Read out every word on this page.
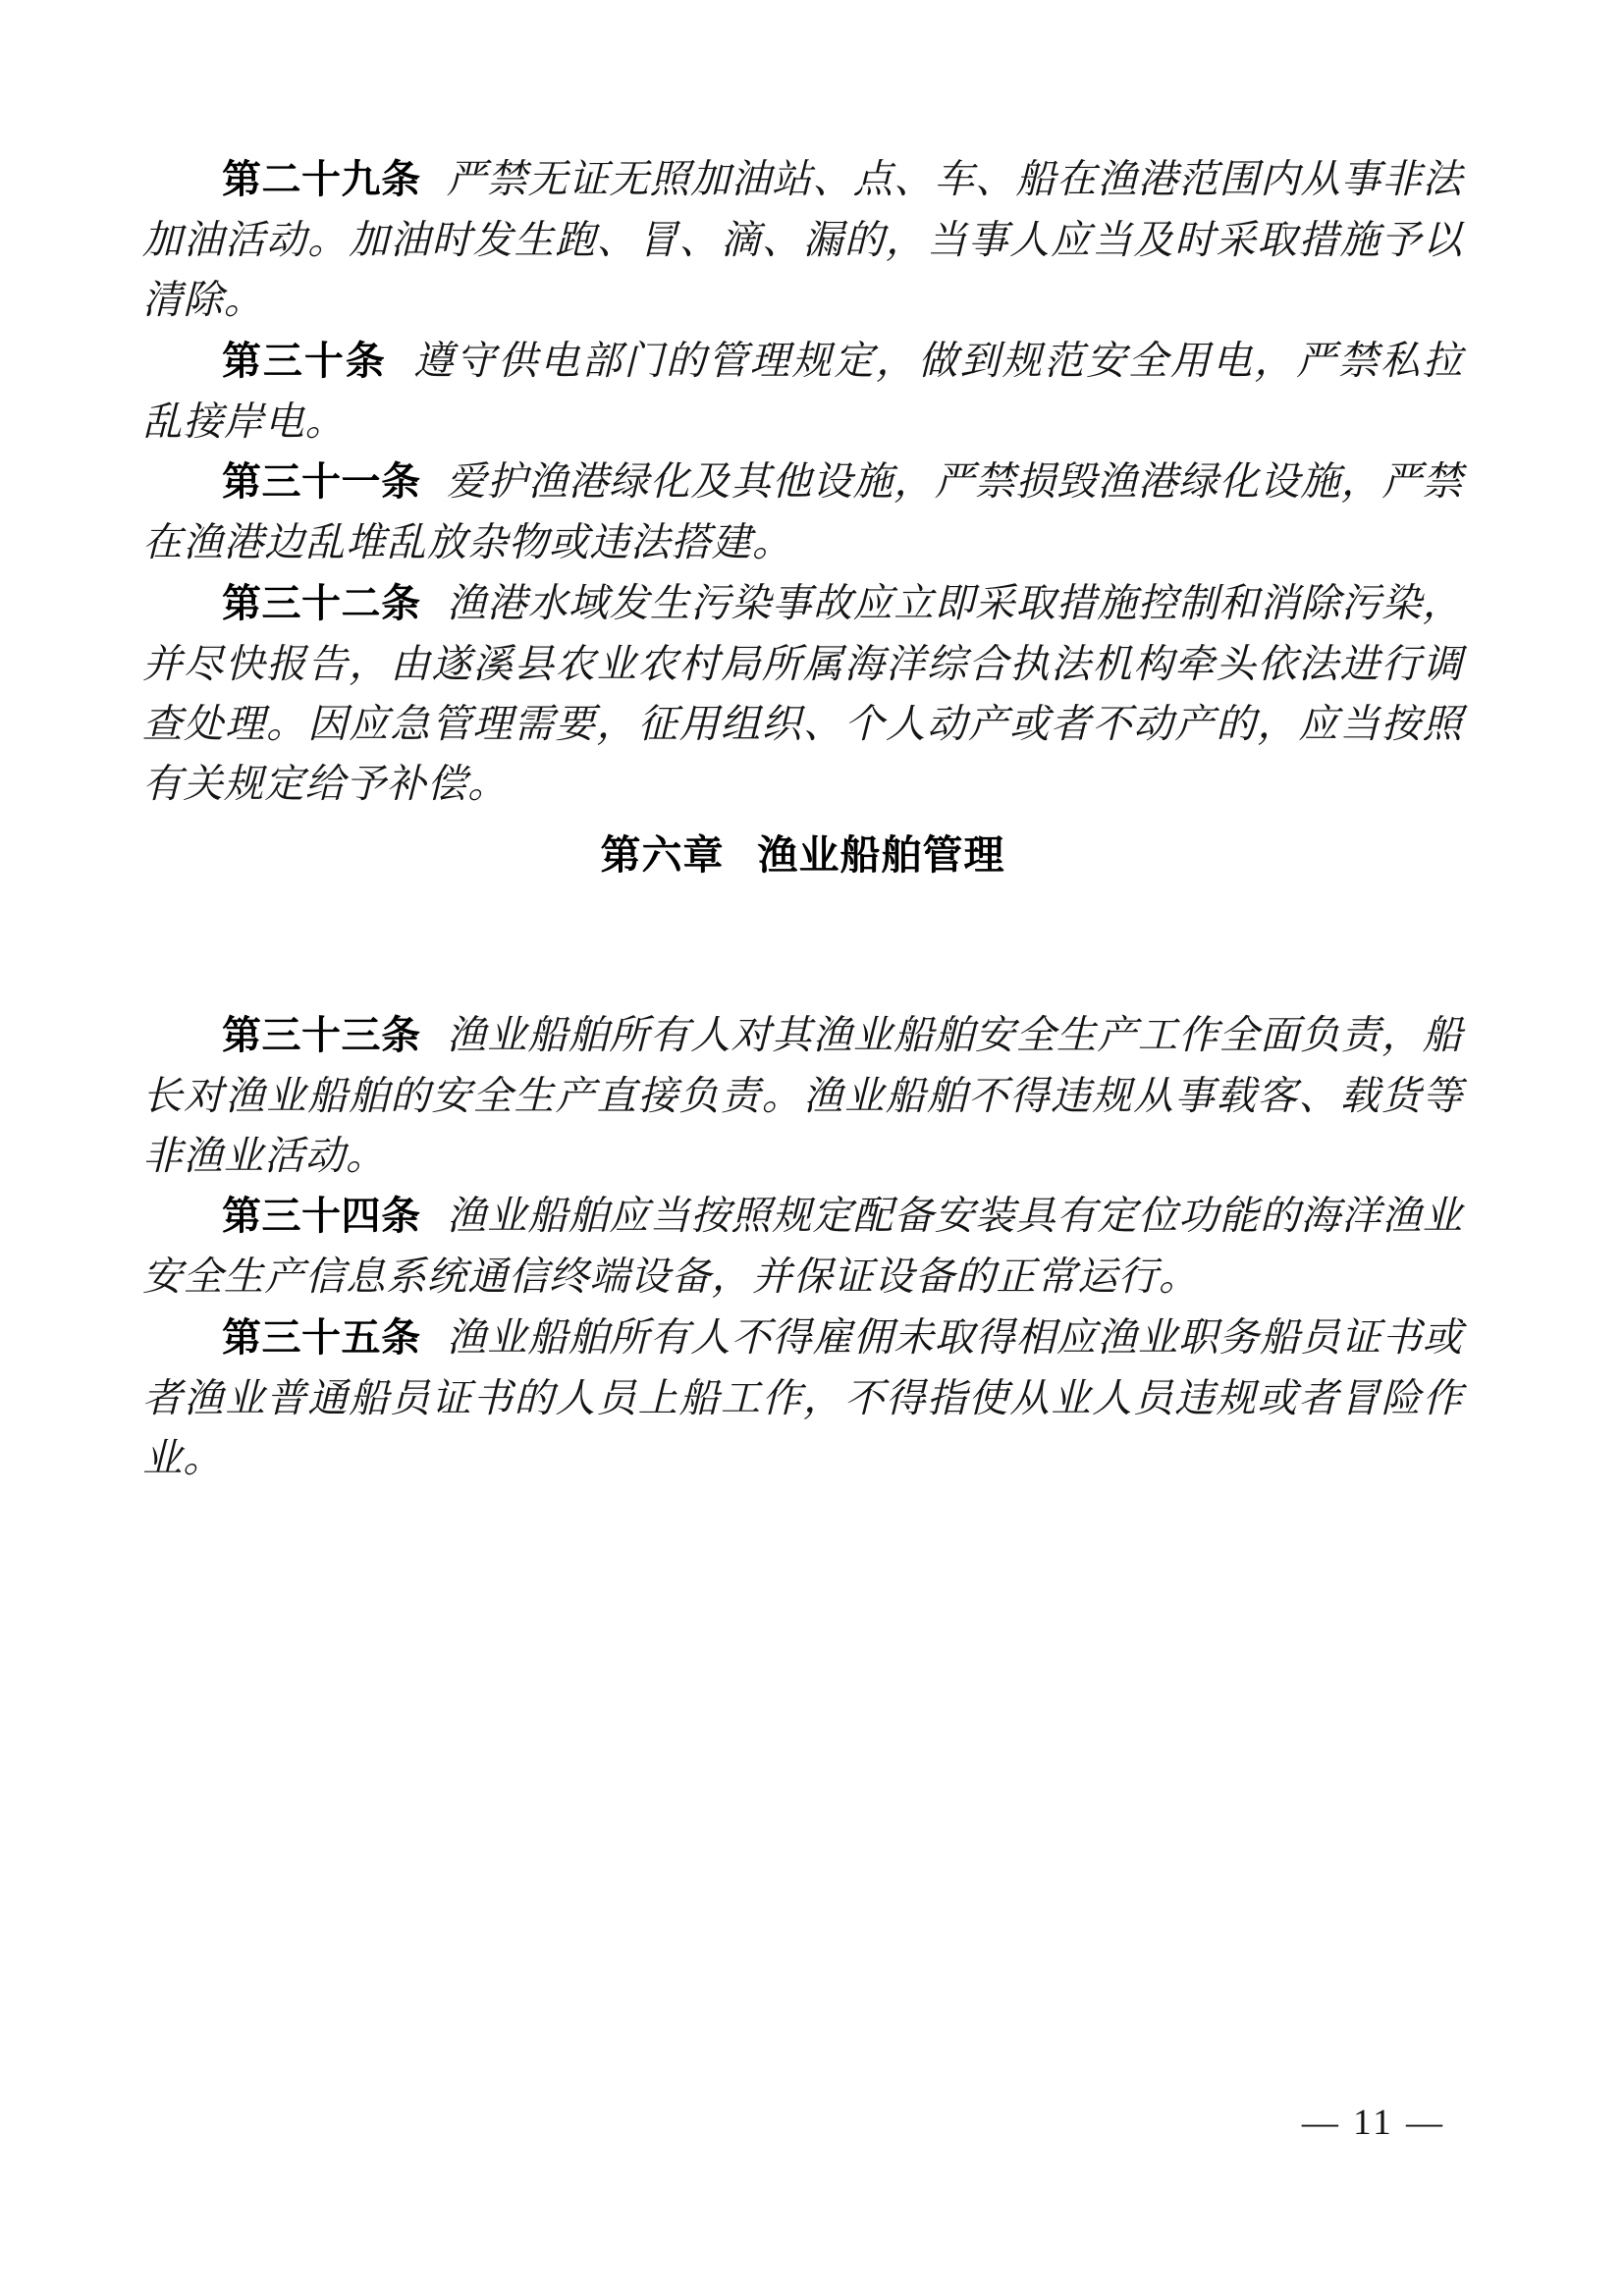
第二十九条 严禁无证无照加油站、点、车、船在渔港范围内从事非法加油活动。加油时发生跑、冒、滴、漏的，当事人应当及时采取措施予以清除。

第三十条 遵守供电部门的管理规定，做到规范安全用电，严禁私拉乱接岸电。

第三十一条 爱护渔港绿化及其他设施，严禁损毁渔港绿化设施，严禁在渔港边乱堆乱放杂物或违法搭建。

第三十二条 渔港水域发生污染事故应立即采取措施控制和消除污染，并尽快报告，由遂溪县农业农村局所属海洋综合执法机构牵头依法进行调查处理。因应急管理需要，征用组织、个人动产或者不动产的，应当按照有关规定给予补偿。

第六章 渔业船舶管理

第三十三条 渔业船舶所有人对其渔业船舶安全生产工作全面负责，船长对渔业船舶的安全生产直接负责。渔业船舶不得违规从事载客、载货等非渔业活动。

第三十四条 渔业船舶应当按照规定配备安装具有定位功能的海洋渔业安全生产信息系统通信终端设备，并保证设备的正常运行。

第三十五条 渔业船舶所有人不得雇佣未取得相应渔业职务船员证书或者渔业普通船员证书的人员上船工作，不得指使从业人员违规或者冒险作业。

— 11 —
